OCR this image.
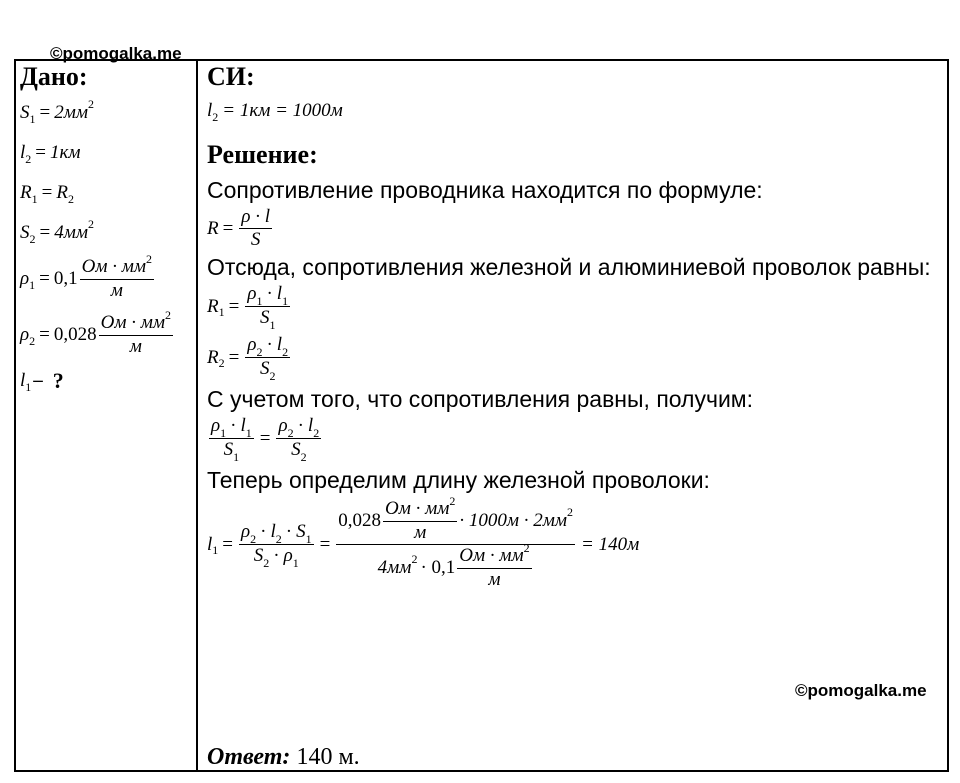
©pomogalka.me
Дано:
S 1 = 2мм 2
l 2 = 1км
R 1 = R 2
S 2 = 4мм 2
ρ $1 = 0,1 \frac{Ом \cdot мм^2}{м}$
ρ $2 = 0,028 \frac{Ом \cdot мм^2}{м}$
l 1 – ?
СИ:
l 2 = 1км = 1000м
Решение:
Сопротивление проводника находится по формуле:
$R = \frac{\rho \cdot l}{S}$
Отсюда, сопротивления железной и алюминиевой проволок равны:
R $1 = \frac{\rho_1 \cdot l_1}{S_1}$
R $2 = \frac{\rho_2 \cdot l_2}{S_2}$
С учетом того, что сопротивления равны, получим:
$\frac{\rho_1 \cdot l_1}{S_1} = \frac{\rho_2 \cdot l_2}{S_2}$
Теперь определим длину железной проволоки:
l $1 = \frac{\rho_2 \cdot l_2 \cdot S_1}{S_2 \cdot \rho_1}$ =
$0,028 \frac{Ом \cdot мм^2}{м} \cdot 1000м \cdot 2мм$ 2
4мм $2 \cdot 0,1 \frac{Ом \cdot мм^2}{м}$
= 140м
Ответ: 140 м.
©pomogalka.me
